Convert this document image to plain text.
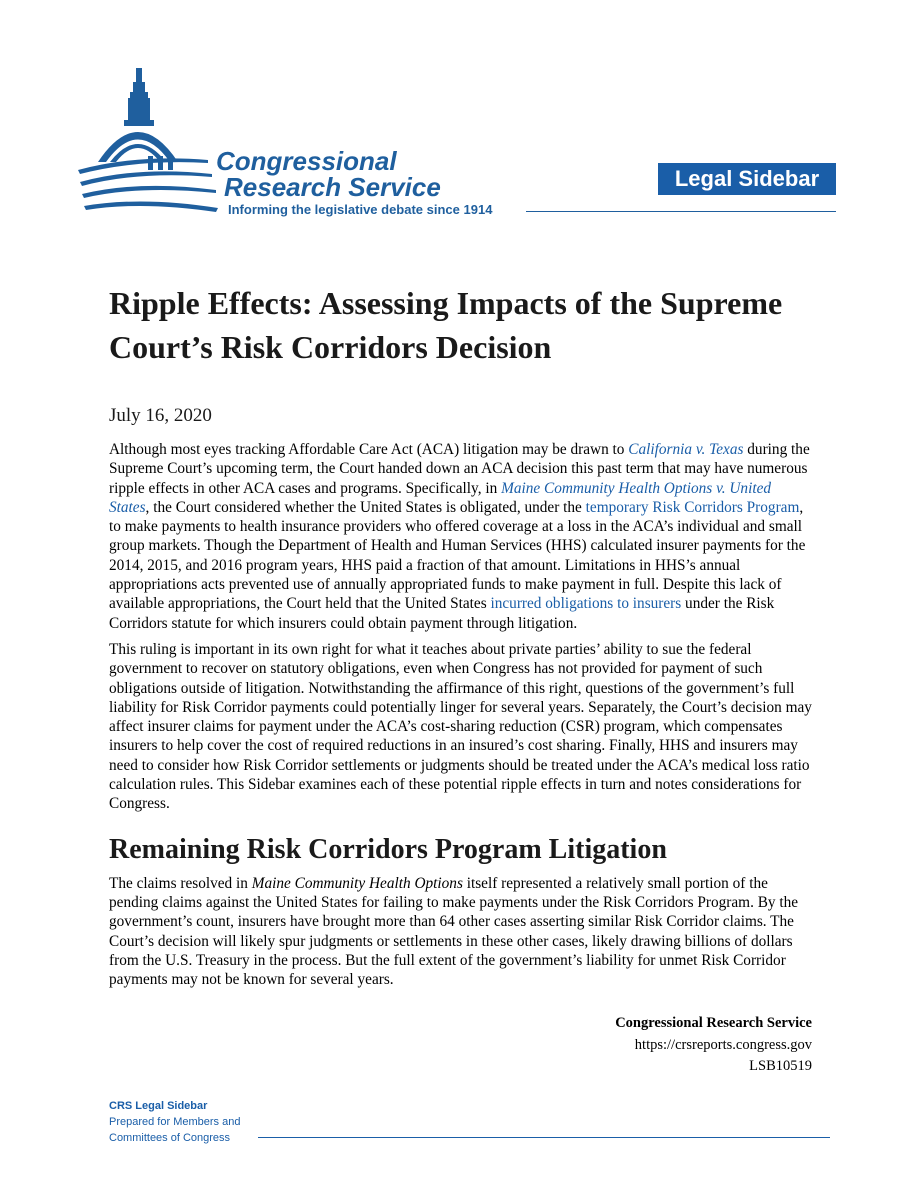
Congressional
Research Service
Informing the legislative debate since 1914
Legal Sidebar
Ripple Effects: Assessing Impacts of the Supreme Court’s Risk Corridors Decision
July 16, 2020

Although most eyes tracking Affordable Care Act (ACA) litigation may be drawn to California v. Texas during the Supreme Court’s upcoming term, the Court handed down an ACA decision this past term that may have numerous ripple effects in other ACA cases and programs. Specifically, in Maine Community Health Options v. United States, the Court considered whether the United States is obligated, under the temporary Risk Corridors Program, to make payments to health insurance providers who offered coverage at a loss in the ACA’s individual and small group markets. Though the Department of Health and Human Services (HHS) calculated insurer payments for the 2014, 2015, and 2016 program years, HHS paid a fraction of that amount. Limitations in HHS’s annual appropriations acts prevented use of annually appropriated funds to make payment in full. Despite this lack of available appropriations, the Court held that the United States incurred obligations to insurers under the Risk Corridors statute for which insurers could obtain payment through litigation.

This ruling is important in its own right for what it teaches about private parties’ ability to sue the federal government to recover on statutory obligations, even when Congress has not provided for payment of such obligations outside of litigation. Notwithstanding the affirmance of this right, questions of the government’s full liability for Risk Corridor payments could potentially linger for several years. Separately, the Court’s decision may affect insurer claims for payment under the ACA’s cost-sharing reduction (CSR) program, which compensates insurers to help cover the cost of required reductions in an insured’s cost sharing. Finally, HHS and insurers may need to consider how Risk Corridor settlements or judgments should be treated under the ACA’s medical loss ratio calculation rules. This Sidebar examines each of these potential ripple effects in turn and notes considerations for Congress.

Remaining Risk Corridors Program Litigation

The claims resolved in Maine Community Health Options itself represented a relatively small portion of the pending claims against the United States for failing to make payments under the Risk Corridors Program. By the government’s count, insurers have brought more than 64 other cases asserting similar Risk Corridor claims. The Court’s decision will likely spur judgments or settlements in these other cases, likely drawing billions of dollars from the U.S. Treasury in the process. But the full extent of the government’s liability for unmet Risk Corridor payments may not be known for several years.

Congressional Research Service
https://crsreports.congress.gov
LSB10519
CRS Legal Sidebar
Prepared for Members and
Committees of Congress
